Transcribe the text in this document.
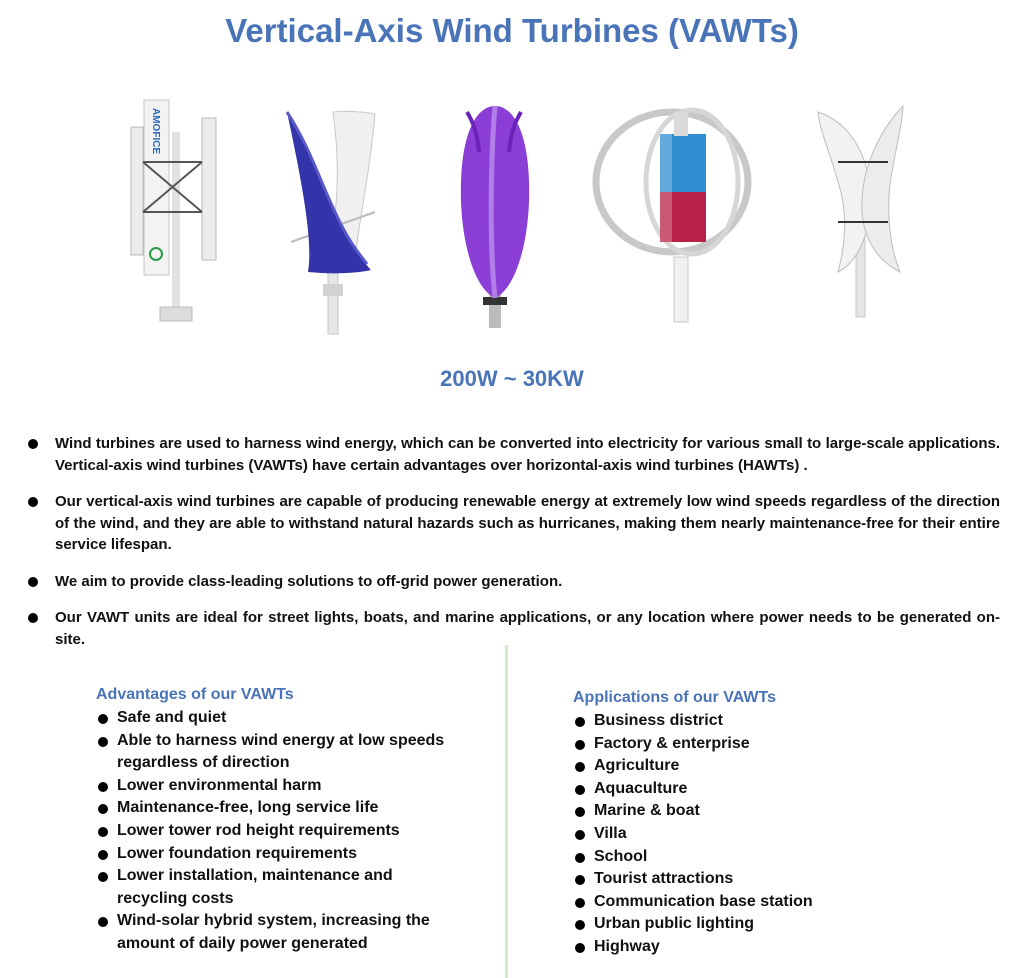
Vertical-Axis Wind Turbines (VAWTs)
AMOFICE
200W ~ 30KW
Wind turbines are used to harness wind energy, which can be converted into electricity for various small to large-scale applications. Vertical-axis wind turbines (VAWTs) have certain advantages over horizontal-axis wind turbines (HAWTs) .
Our vertical-axis wind turbines are capable of producing renewable energy at extremely low wind speeds regardless of the direction of the wind, and they are able to withstand natural hazards such as hurricanes, making them nearly maintenance-free for their entire service lifespan.
We aim to provide class-leading solutions to off-grid power generation.
Our VAWT units are ideal for street lights, boats, and marine applications, or any location where power needs to be generated on-site.
Advantages of our VAWTs
Safe and quiet
Able to harness wind energy at low speeds regardless of direction
Lower environmental harm
Maintenance-free, long service life
Lower tower rod height requirements
Lower foundation requirements
Lower installation, maintenance and recycling costs
Wind-solar hybrid system, increasing the amount of daily power generated
Applications of our VAWTs
Business district
Factory & enterprise
Agriculture
Aquaculture
Marine & boat
Villa
School
Tourist attractions
Communication base station
Urban public lighting
Highway
